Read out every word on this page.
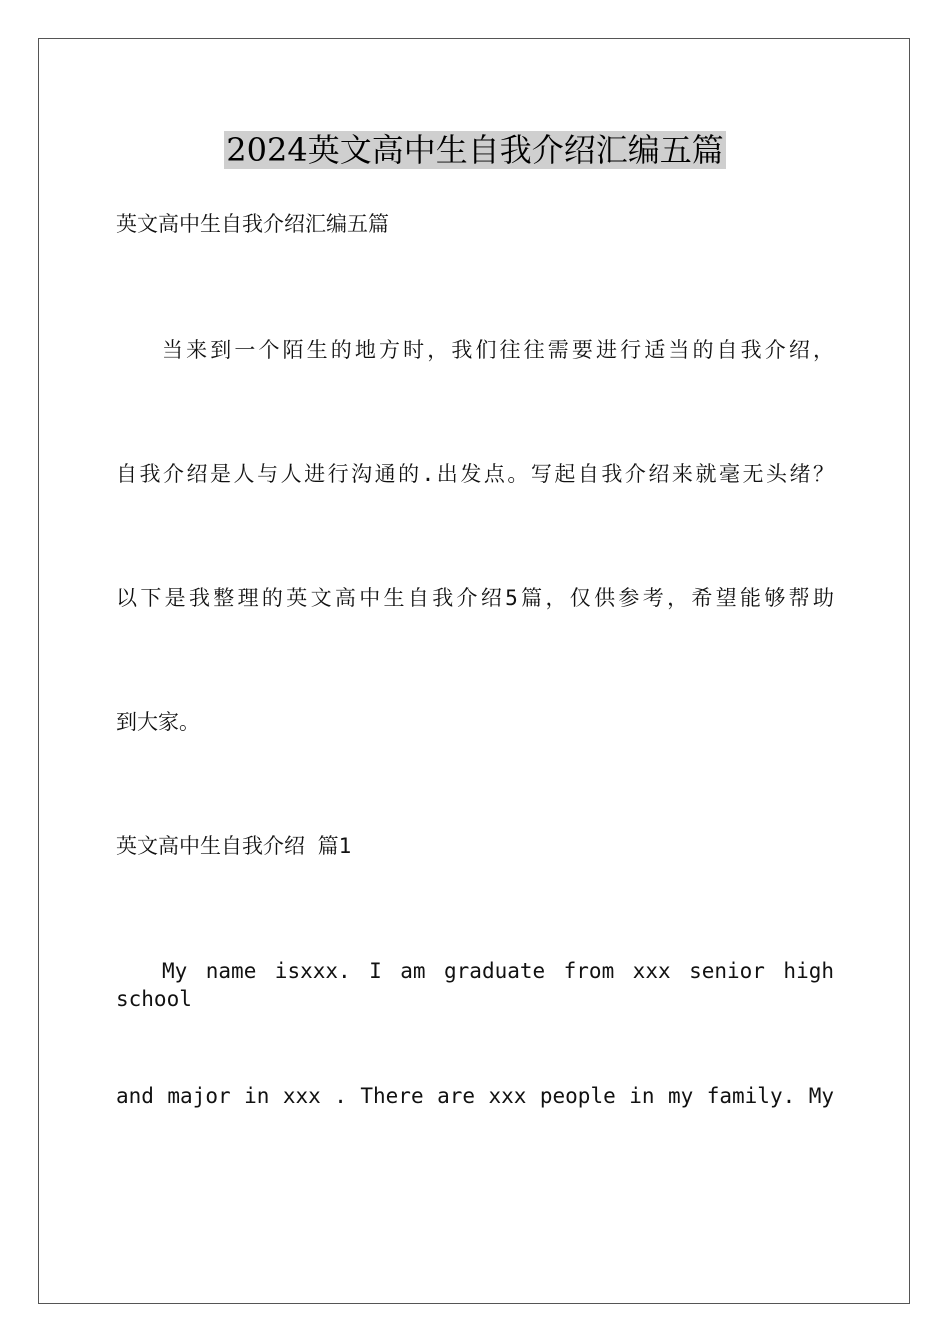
2024英文高中生自我介绍汇编五篇
英文高中生自我介绍汇编五篇
当来到一个陌生的地方时，我们往往需要进行适当的自我介绍，
自我介绍是人与人进行沟通的.出发点。写起自我介绍来就毫无头绪？
以下是我整理的英文高中生自我介绍5篇，仅供参考，希望能够帮助
到大家。
英文高中生自我介绍 篇1
My name isxxx. I am graduate from xxx senior high school
and major in xxx . There are xxx people in my family. My
